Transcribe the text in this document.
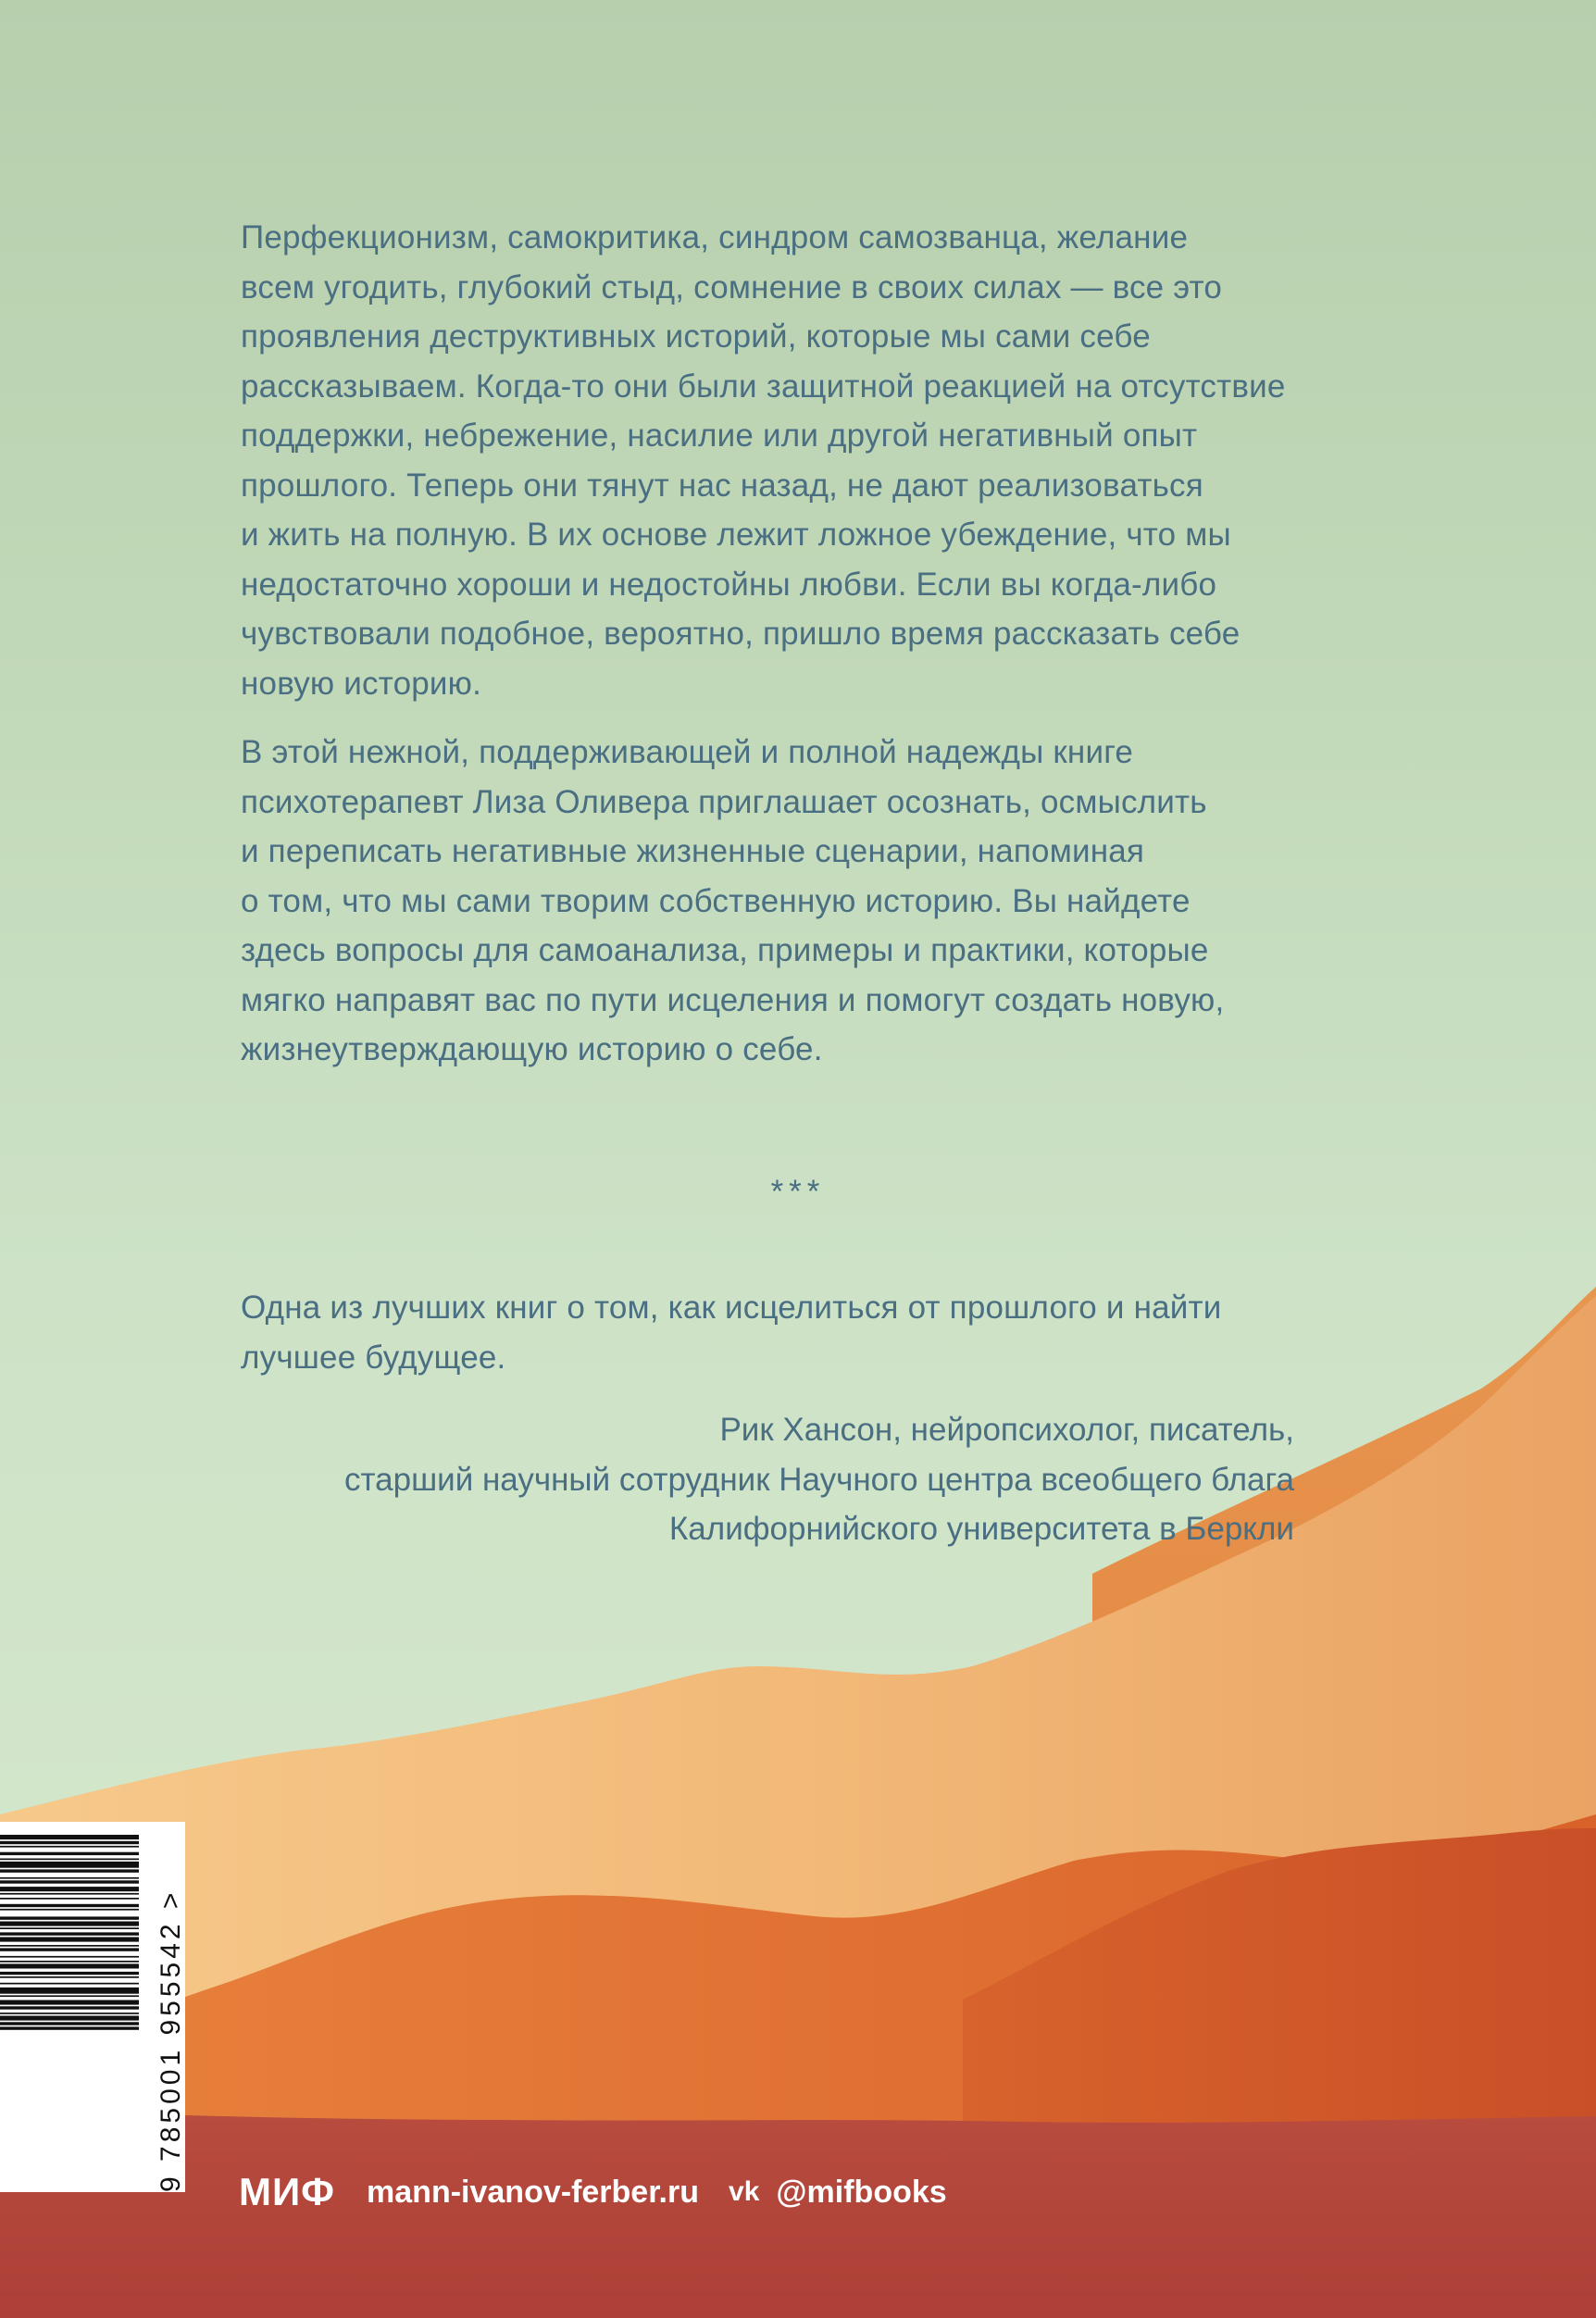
Перфекционизм, самокритика, синдром самозванца, желание
всем угодить, глубокий стыд, сомнение в своих силах — все это
проявления деструктивных историй, которые мы сами себе
рассказываем. Когда-то они были защитной реакцией на отсутствие
поддержки, небрежение, насилие или другой негативный опыт
прошлого. Теперь они тянут нас назад, не дают реализоваться
и жить на полную. В их основе лежит ложное убеждение, что мы
недостаточно хороши и недостойны любви. Если вы когда-либо
чувствовали подобное, вероятно, пришло время рассказать себе
новую историю.

В этой нежной, поддерживающей и полной надежды книге
психотерапевт Лиза Оливера приглашает осознать, осмыслить
и переписать негативные жизненные сценарии, напоминая
о том, что мы сами творим собственную историю. Вы найдете
здесь вопросы для самоанализа, примеры и практики, которые
мягко направят вас по пути исцеления и помогут создать новую,
жизнеутверждающую историю о себе.

***

Одна из лучших книг о том, как исцелиться от прошлого и найти
лучшее будущее.

Рик Хансон, нейропсихолог, писатель,
старший научный сотрудник Научного центра всеобщего блага
Калифорнийского университета в Беркли
9 785001 955542 > МИФ mann-ivanov-ferber.ru vk @mifbooks
